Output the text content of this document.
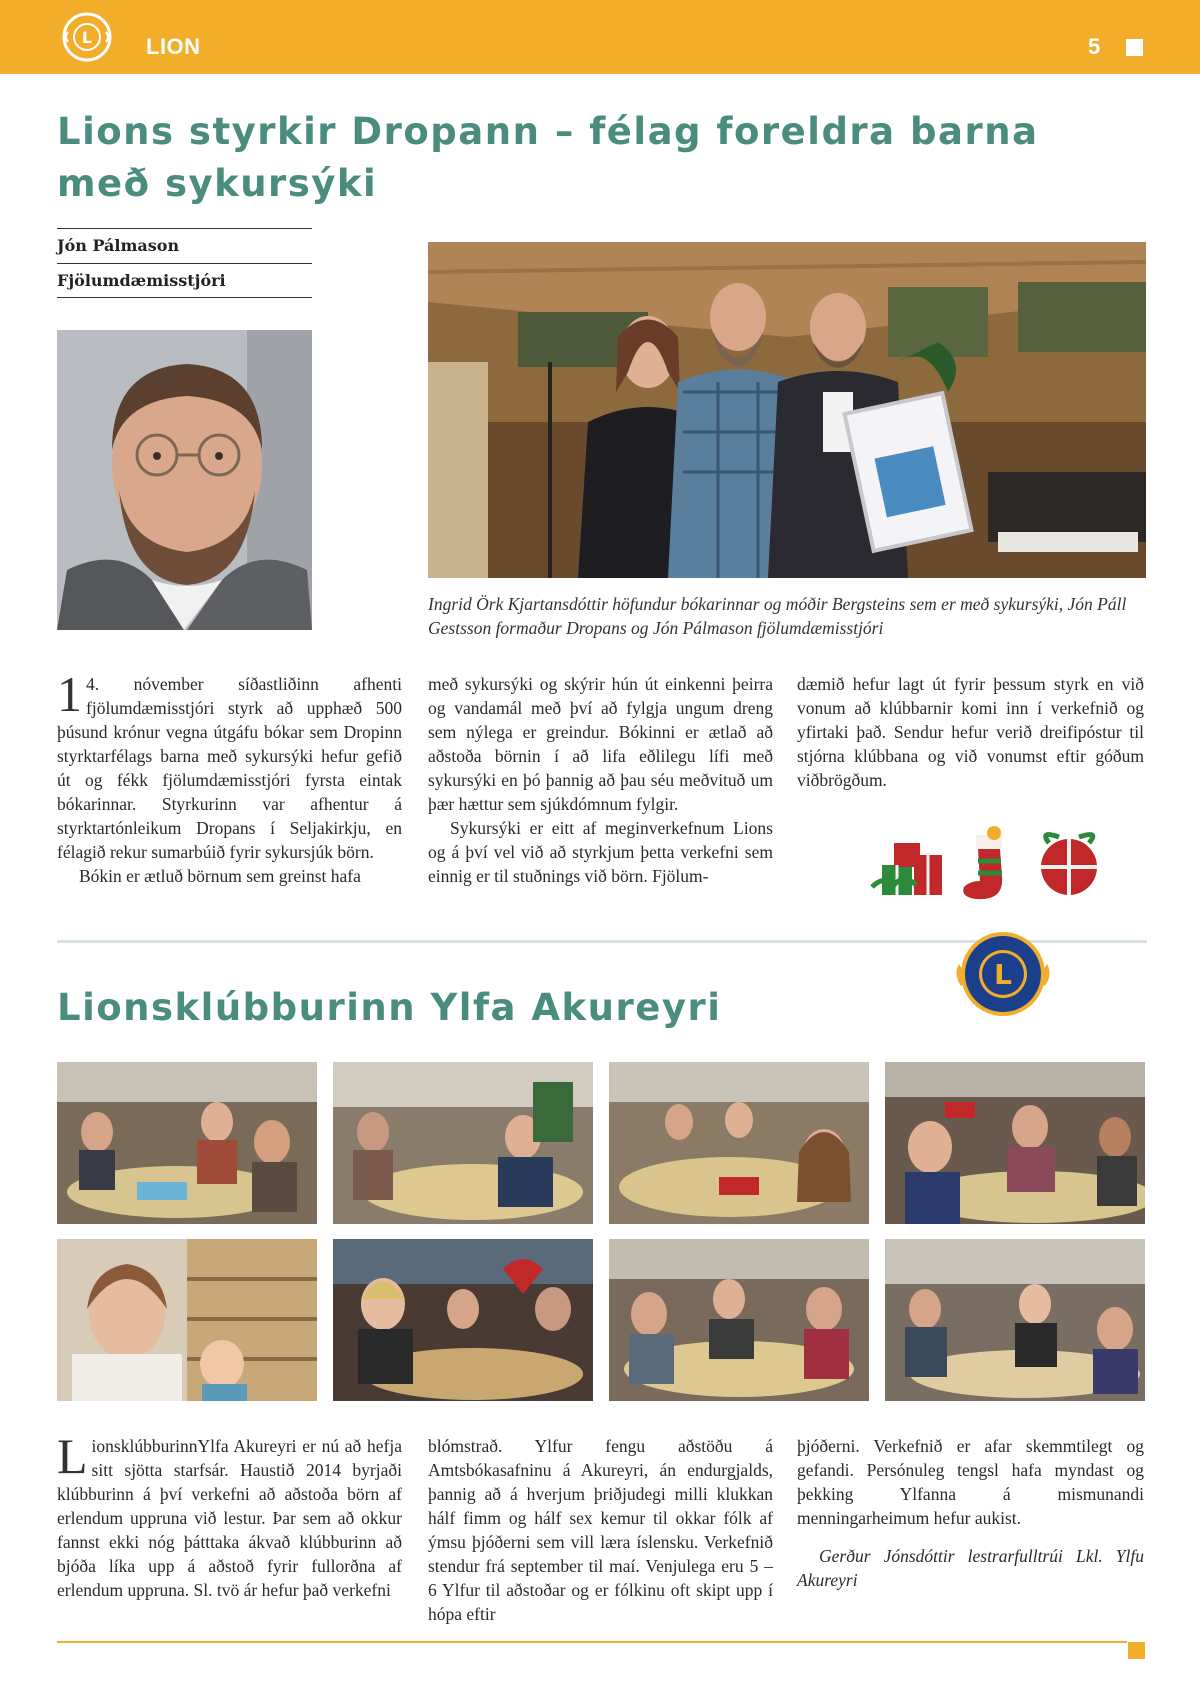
L LION	5
Lions styrkir Dropann – félag foreldra barna með sykursýki
Jón Pálmason
Fjölumdæmisstjóri
Ingrid Örk Kjartansdóttir höfundur bókarinnar og móðir Bergsteins sem er með sykursýki, Jón Páll Gestsson formaður Dropans og Jón Pálmason fjölumdæmisstjóri
1 4. nóvember síðastliðinn afhenti fjölumdæmisstjóri styrk að upphæð 500 þúsund krónur vegna útgáfu bókar sem Dropinn styrktarfélags barna með sykursýki hefur gefið út og fékk fjölumdæmisstjóri fyrsta eintak bókarinnar. Styrkurinn var afhentur á styrktartónleikum Dropans í Seljakirkju, en félagið rekur sumarbúið fyrir sykursjúk börn.

Bókin er ætluð börnum sem greinst hafa

með sykursýki og skýrir hún út einkenni þeirra og vandamál með því að fylgja ungum dreng sem nýlega er greindur. Bókinni er ætlað að aðstoða börnin í að lifa eðlilegu lífi með sykursýki en þó þannig að þau séu meðvituð um þær hættur sem sjúkdómnum fylgir.

Sykursýki er eitt af meginverkefnum Lions og á því vel við að styrkjum þetta verkefni sem einnig er til stuðnings við börn. Fjölum-

dæmið hefur lagt út fyrir þessum styrk en við vonum að klúbbarnir komi inn í verkefnið og yfirtaki það. Sendur hefur verið dreifipóstur til stjórna klúbbana og við vonumst eftir góðum viðbrögðum.

L
Lionsklúbburinn Ylfa Akureyri
L ionsklúbburinnYlfa Akureyri er nú að hefja sitt sjötta starfsár. Haustið 2014 byrjaði klúbburinn á því verkefni að aðstoða börn af erlendum uppruna við lestur. Þar sem að okkur fannst ekki nóg þátttaka ákvað klúbburinn að bjóða líka upp á aðstoð fyrir fullorðna af erlendum uppruna. Sl. tvö ár hefur það verkefni

blómstrað. Ylfur fengu aðstöðu á Amtsbókasafninu á Akureyri, án endurgjalds, þannig að á hverjum þriðjudegi milli klukkan hálf fimm og hálf sex kemur til okkar fólk af ýmsu þjóðerni sem vill læra íslensku. Verkefnið stendur frá september til maí. Venjulega eru 5 – 6 Ylfur til aðstoðar og er fólkinu oft skipt upp í hópa eftir

þjóðerni. Verkefnið er afar skemmtilegt og gefandi. Persónuleg tengsl hafa myndast og þekking Ylfanna á mismunandi menningarheimum hefur aukist.

Gerður Jónsdóttir lestrarfulltrúi Lkl. Ylfu Akureyri
